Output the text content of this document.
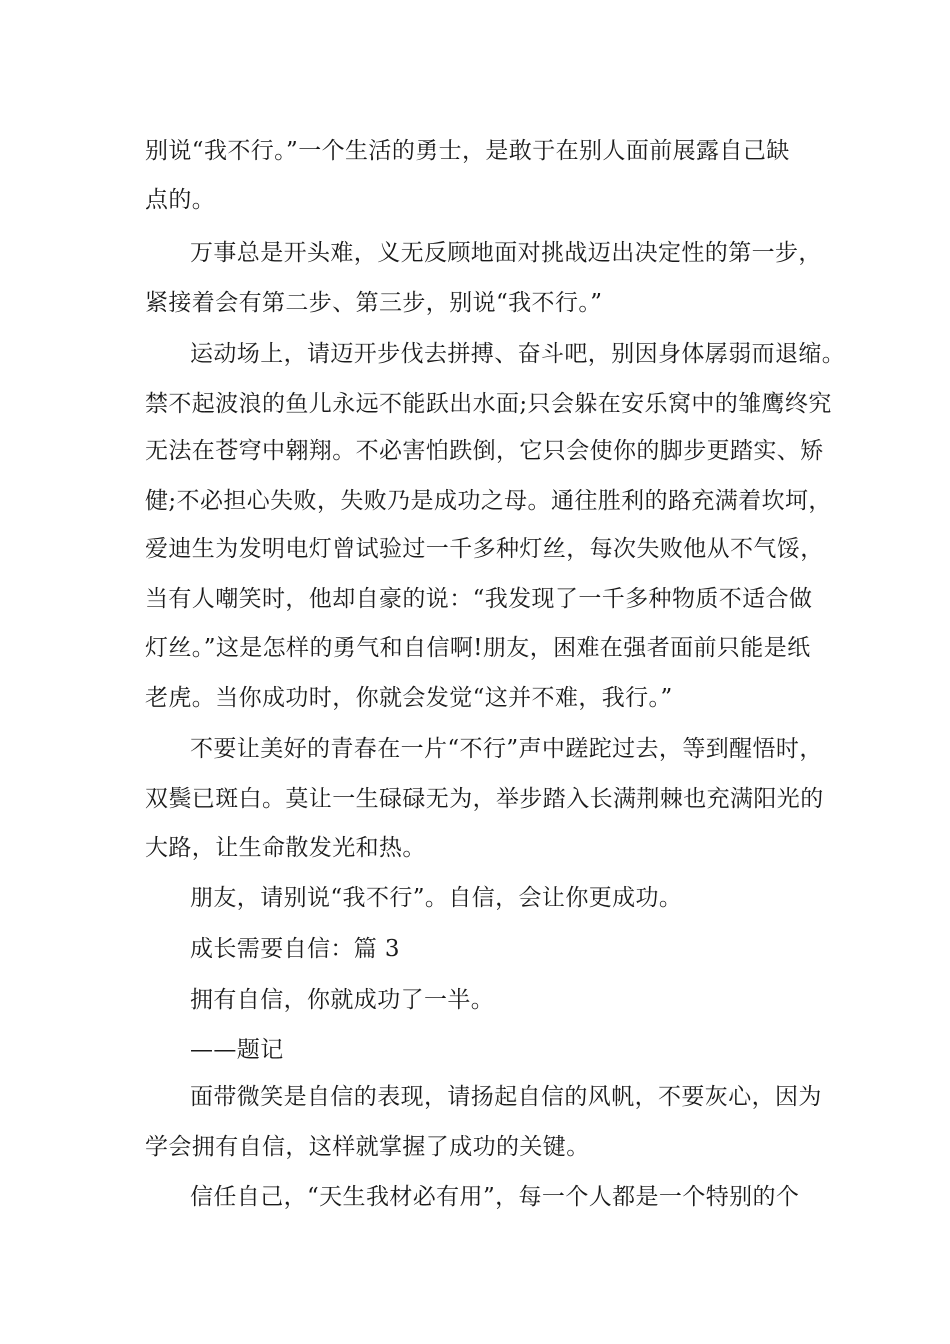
别说“我不行。”一个生活的勇士，是敢于在别人面前展露自己缺
点的。
万事总是开头难，义无反顾地面对挑战迈出决定性的第一步，
紧接着会有第二步、第三步，别说“我不行。”
运动场上，请迈开步伐去拼搏、奋斗吧，别因身体孱弱而退缩。
禁不起波浪的鱼儿永远不能跃出水面;只会躲在安乐窝中的雏鹰终究
无法在苍穹中翱翔。不必害怕跌倒，它只会使你的脚步更踏实、矫
健;不必担心失败，失败乃是成功之母。通往胜利的路充满着坎坷，
爱迪生为发明电灯曾试验过一千多种灯丝，每次失败他从不气馁，
当有人嘲笑时，他却自豪的说：“我发现了一千多种物质不适合做
灯丝。”这是怎样的勇气和自信啊!朋友，困难在强者面前只能是纸
老虎。当你成功时，你就会发觉“这并不难，我行。”
不要让美好的青春在一片“不行”声中蹉跎过去，等到醒悟时，
双鬓已斑白。莫让一生碌碌无为，举步踏入长满荆棘也充满阳光的
大路，让生命散发光和热。
朋友，请别说“我不行”。自信，会让你更成功。
成长需要自信：篇 3
拥有自信，你就成功了一半。
——题记
面带微笑是自信的表现，请扬起自信的风帆，不要灰心，因为
学会拥有自信，这样就掌握了成功的关键。
信任自己，“天生我材必有用”，每一个人都是一个特别的个
